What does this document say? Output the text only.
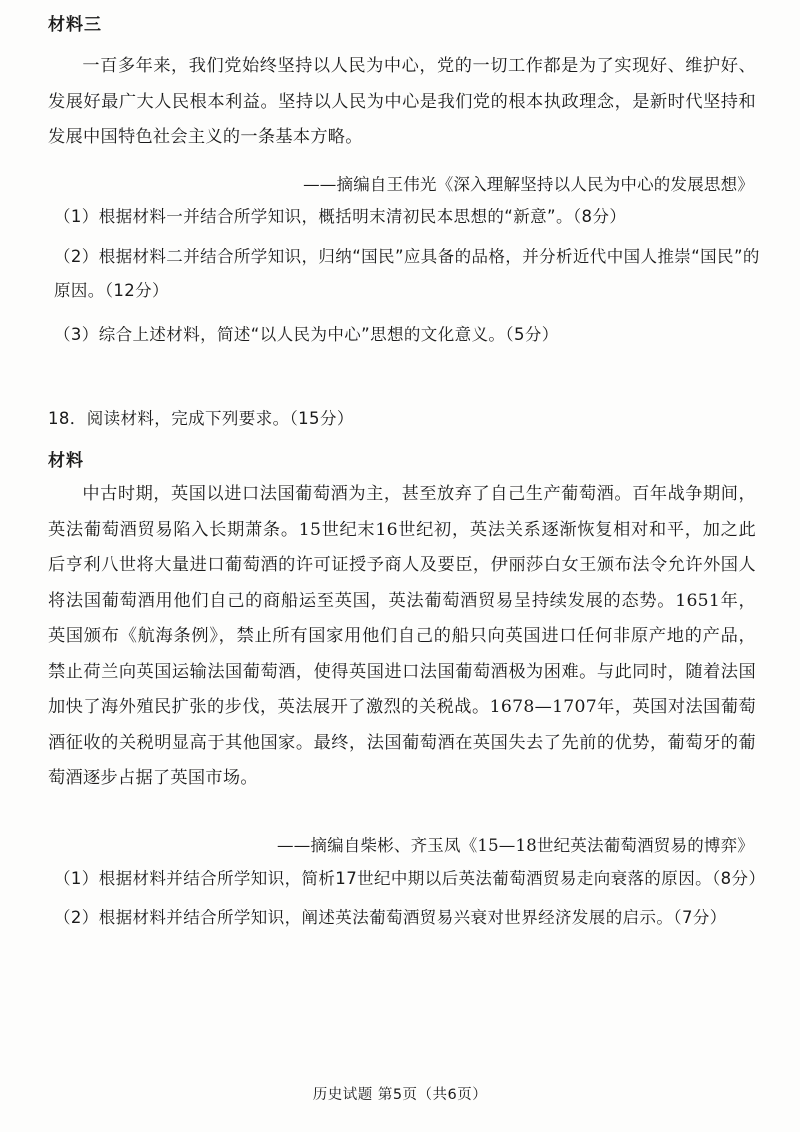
材料三
一百多年来，我们党始终坚持以人民为中心，党的一切工作都是为了实现好、维护好、发展好最广大人民根本利益。坚持以人民为中心是我们党的根本执政理念，是新时代坚持和发展中国特色社会主义的一条基本方略。
——摘编自王伟光《深入理解坚持以人民为中心的发展思想》
（1）根据材料一并结合所学知识，概括明末清初民本思想的“新意”。（8分）
（2）根据材料二并结合所学知识，归纳“国民”应具备的品格，并分析近代中国人推崇“国民”的原因。（12分）
（3）综合上述材料，简述“以人民为中心”思想的文化意义。（5分）
18．阅读材料，完成下列要求。（15分）
材料
中古时期，英国以进口法国葡萄酒为主，甚至放弃了自己生产葡萄酒。百年战争期间，英法葡萄酒贸易陷入长期萧条。15世纪末16世纪初，英法关系逐渐恢复相对和平，加之此后亨利八世将大量进口葡萄酒的许可证授予商人及要臣，伊丽莎白女王颁布法令允许外国人将法国葡萄酒用他们自己的商船运至英国，英法葡萄酒贸易呈持续发展的态势。1651年，英国颁布《航海条例》，禁止所有国家用他们自己的船只向英国进口任何非原产地的产品，禁止荷兰向英国运输法国葡萄酒，使得英国进口法国葡萄酒极为困难。与此同时，随着法国加快了海外殖民扩张的步伐，英法展开了激烈的关税战。1678—1707年，英国对法国葡萄酒征收的关税明显高于其他国家。最终，法国葡萄酒在英国失去了先前的优势，葡萄牙的葡萄酒逐步占据了英国市场。
——摘编自柴彬、齐玉凤《15—18世纪英法葡萄酒贸易的博弈》
（1）根据材料并结合所学知识，简析17世纪中期以后英法葡萄酒贸易走向衰落的原因。（8分）
（2）根据材料并结合所学知识，阐述英法葡萄酒贸易兴衰对世界经济发展的启示。（7分）
历史试题 第5页（共6页）
